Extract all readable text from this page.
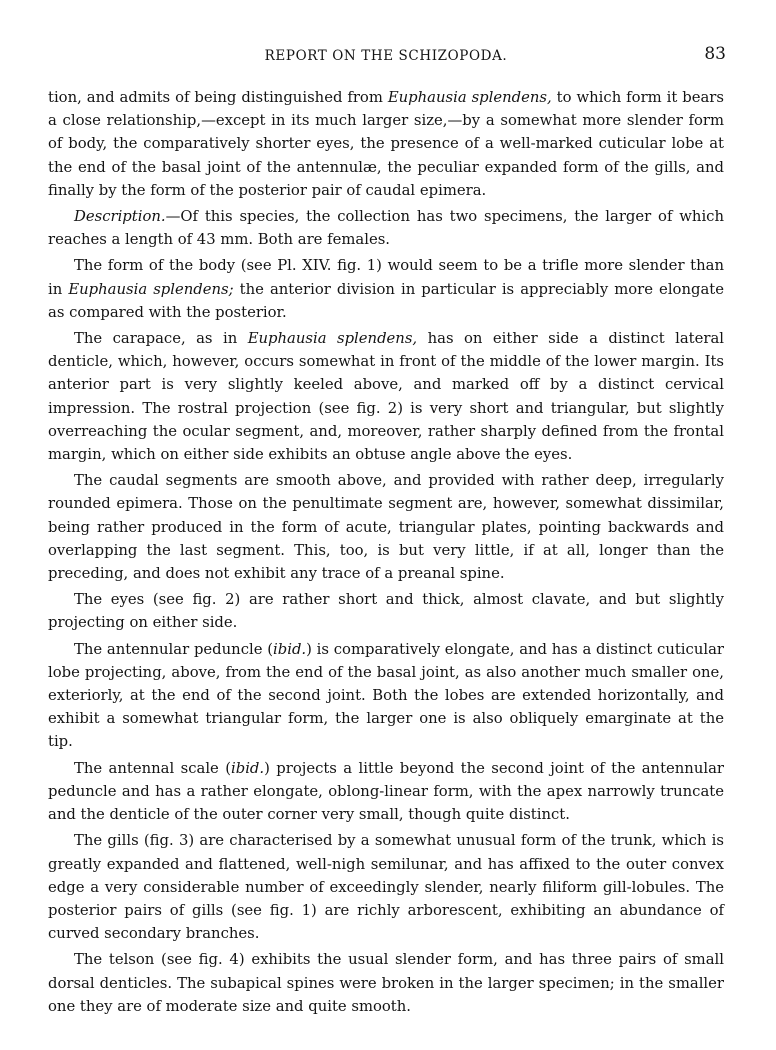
REPORT ON THE SCHIZOPODA.	83

tion, and admits of being distinguished from Euphausia splendens, to which form it bears a close relationship,—except in its much larger size,—by a somewhat more slender form of body, the comparatively shorter eyes, the presence of a well-marked cuticular lobe at the end of the basal joint of the antennulæ, the peculiar expanded form of the gills, and finally by the form of the posterior pair of caudal epimera.

Description.—Of this species, the collection has two specimens, the larger of which reaches a length of 43 mm. Both are females.

The form of the body (see Pl. XIV. fig. 1) would seem to be a trifle more slender than in Euphausia splendens; the anterior division in particular is appreciably more elongate as compared with the posterior.

The carapace, as in Euphausia splendens, has on either side a distinct lateral denticle, which, however, occurs somewhat in front of the middle of the lower margin. Its anterior part is very slightly keeled above, and marked off by a distinct cervical impression. The rostral projection (see fig. 2) is very short and triangular, but slightly overreaching the ocular segment, and, moreover, rather sharply defined from the frontal margin, which on either side exhibits an obtuse angle above the eyes.

The caudal segments are smooth above, and provided with rather deep, irregularly rounded epimera. Those on the penultimate segment are, however, somewhat dissimilar, being rather produced in the form of acute, triangular plates, pointing backwards and overlapping the last segment. This, too, is but very little, if at all, longer than the preceding, and does not exhibit any trace of a preanal spine.

The eyes (see fig. 2) are rather short and thick, almost clavate, and but slightly projecting on either side.

The antennular peduncle (ibid.) is comparatively elongate, and has a distinct cuticular lobe projecting, above, from the end of the basal joint, as also another much smaller one, exteriorly, at the end of the second joint. Both the lobes are extended horizontally, and exhibit a somewhat triangular form, the larger one is also obliquely emarginate at the tip.

The antennal scale (ibid.) projects a little beyond the second joint of the antennular peduncle and has a rather elongate, oblong-linear form, with the apex narrowly truncate and the denticle of the outer corner very small, though quite distinct.

The gills (fig. 3) are characterised by a somewhat unusual form of the trunk, which is greatly expanded and flattened, well-nigh semilunar, and has affixed to the outer convex edge a very considerable number of exceedingly slender, nearly filiform gill-lobules. The posterior pairs of gills (see fig. 1) are richly arborescent, exhibiting an abundance of curved secondary branches.

The telson (see fig. 4) exhibits the usual slender form, and has three pairs of small dorsal denticles. The subapical spines were broken in the larger specimen; in the smaller one they are of moderate size and quite smooth.
